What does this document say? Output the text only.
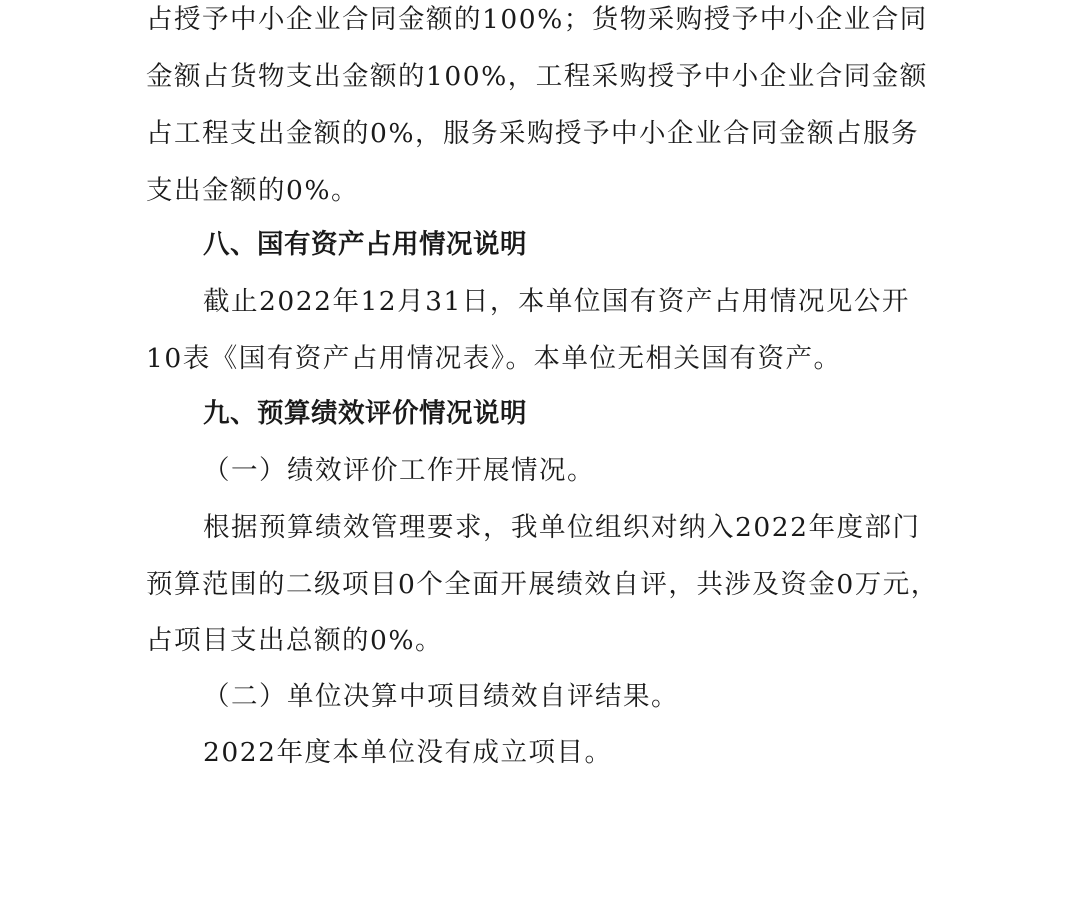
占授予中小企业合同金额的100%；货物采购授予中小企业合同
金额占货物支出金额的100%，工程采购授予中小企业合同金额
占工程支出金额的0%，服务采购授予中小企业合同金额占服务
支出金额的0%。
八、国有资产占用情况说明
截止2022年12月31日，本单位国有资产占用情况见公开
10表《国有资产占用情况表》。本单位无相关国有资产。
九、预算绩效评价情况说明
（一）绩效评价工作开展情况。
根据预算绩效管理要求，我单位组织对纳入2022年度部门
预算范围的二级项目0个全面开展绩效自评，共涉及资金0万元，
占项目支出总额的0%。
（二）单位决算中项目绩效自评结果。
2022年度本单位没有成立项目。
